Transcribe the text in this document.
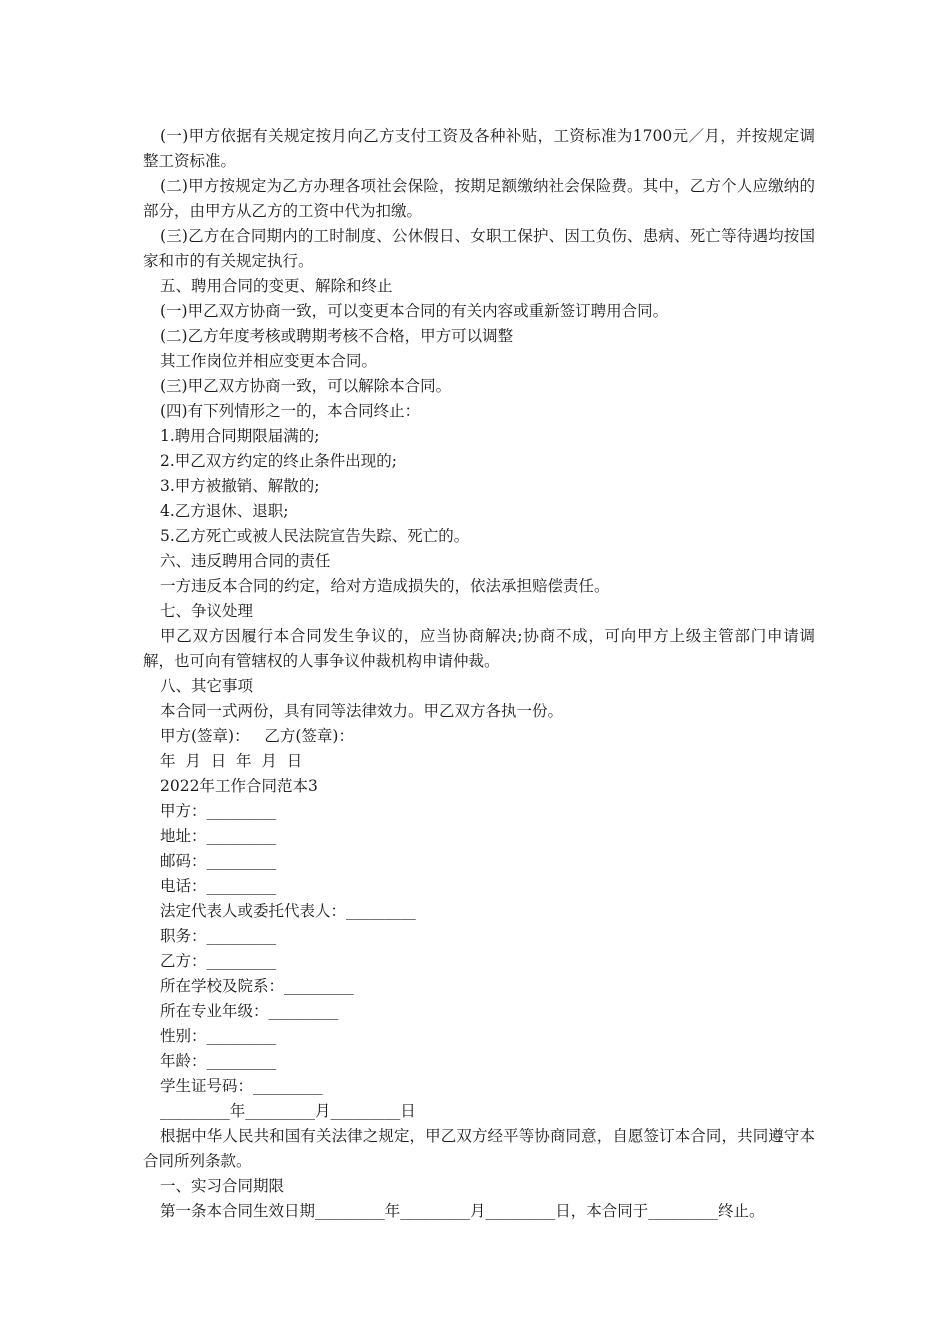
(一)甲方依据有关规定按月向乙方支付工资及各种补贴，工资标准为1700元／月，并按规定调整工资标准。

(二)甲方按规定为乙方办理各项社会保险，按期足额缴纳社会保险费。其中，乙方个人应缴纳的部分，由甲方从乙方的工资中代为扣缴。

(三)乙方在合同期内的工时制度、公休假日、女职工保护、因工负伤、患病、死亡等待遇均按国家和市的有关规定执行。

五、聘用合同的变更、解除和终止

(一)甲乙双方协商一致，可以变更本合同的有关内容或重新签订聘用合同。

(二)乙方年度考核或聘期考核不合格，甲方可以调整

其工作岗位并相应变更本合同。

(三)甲乙双方协商一致，可以解除本合同。

(四)有下列情形之一的，本合同终止：

1.聘用合同期限届满的;

2.甲乙双方约定的终止条件出现的;

3.甲方被撤销、解散的;

4.乙方退休、退职;

5.乙方死亡或被人民法院宣告失踪、死亡的。

六、违反聘用合同的责任

一方违反本合同的约定，给对方造成损失的，依法承担赔偿责任。

七、争议处理

甲乙双方因履行本合同发生争议的，应当协商解决;协商不成，可向甲方上级主管部门申请调解，也可向有管辖权的人事争议仲裁机构申请仲裁。

八、其它事项

本合同一式两份，具有同等法律效力。甲乙双方各执一份。

甲方(签章)：   乙方(签章)：

年  月  日  年  月  日

2022年工作合同范本3

甲方：_________

地址：_________

邮码：_________

电话：_________

法定代表人或委托代表人：_________

职务：_________

乙方：_________

所在学校及院系：_________

所在专业年级：_________

性别：_________

年龄：_________

学生证号码：_________

_________年_________月_________日

根据中华人民共和国有关法律之规定，甲乙双方经平等协商同意，自愿签订本合同，共同遵守本合同所列条款。

一、实习合同期限

第一条本合同生效日期_________年_________月_________日，本合同于_________终止。
